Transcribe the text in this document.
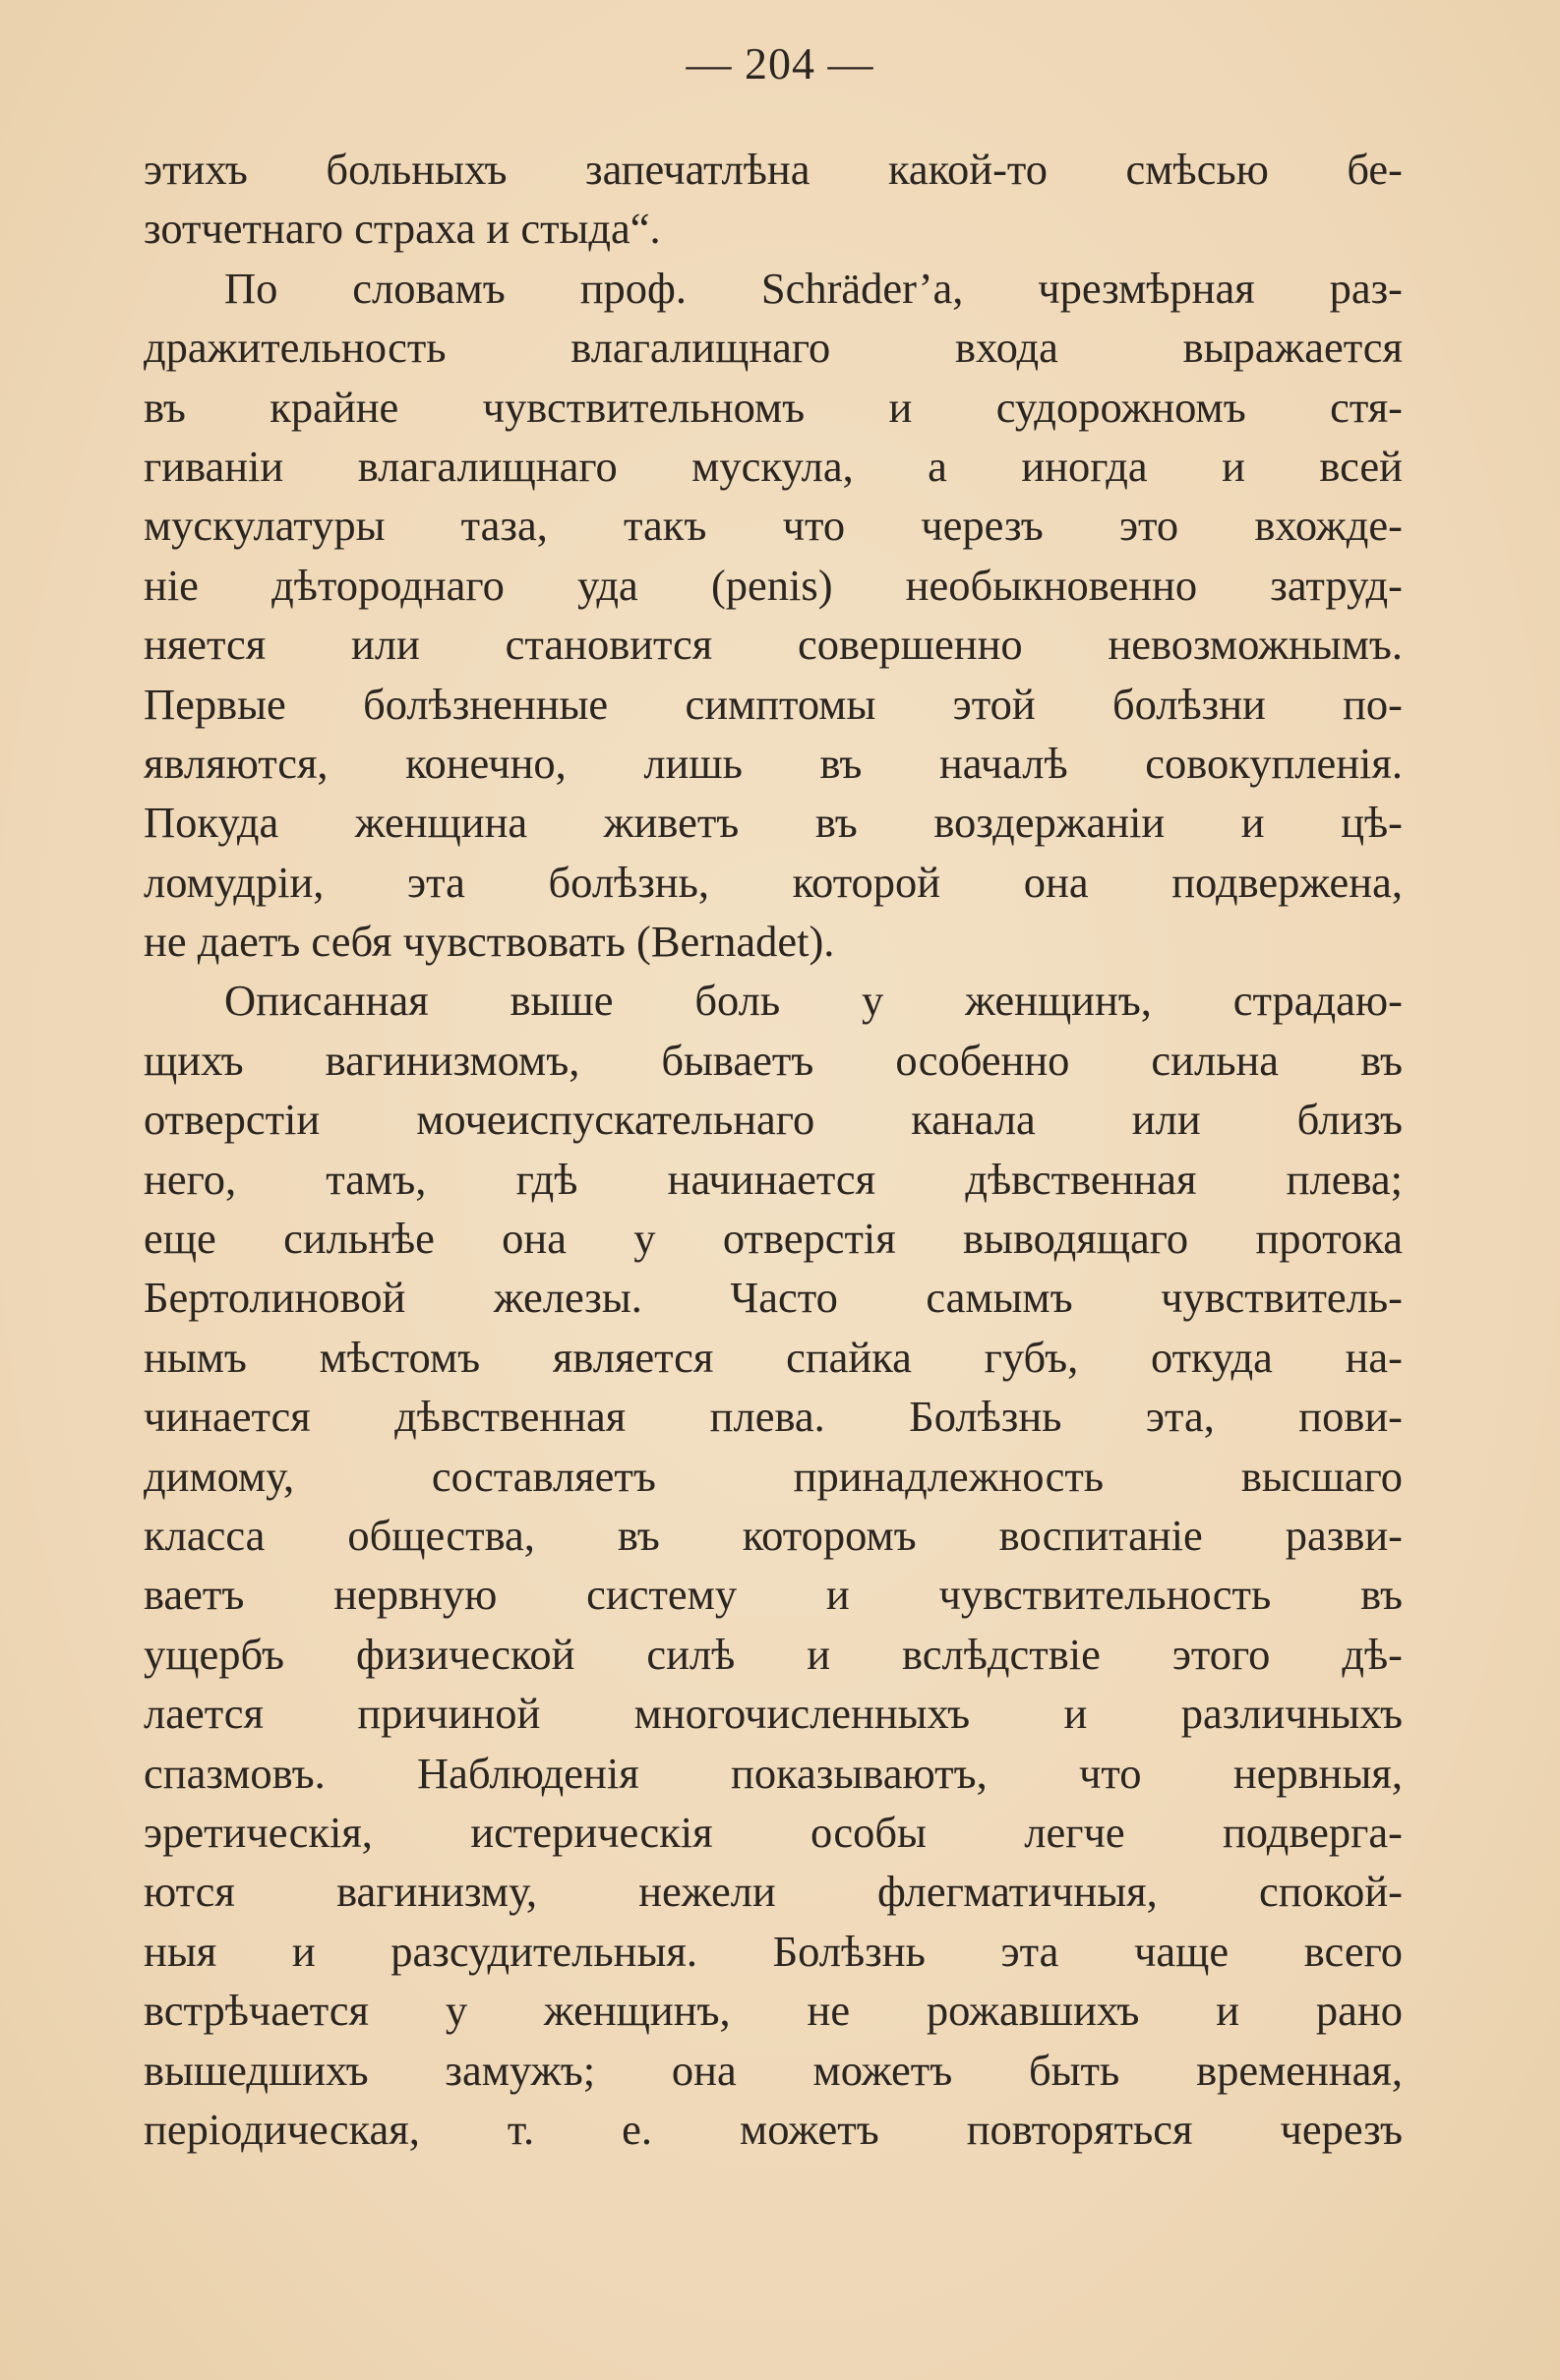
— 204 —
этихъ больныхъ запечатлѣна какой-то смѣсью бе-
зотчетнаго страха и стыда“.
По словамъ проф. Schräder’a, чрезмѣрная раз-
дражительность влагалищнаго входа выражается
въ крайне чувствительномъ и судорожномъ стя-
гиваніи влагалищнаго мускула, а иногда и всей
мускулатуры таза, такъ что черезъ это вхожде-
ніе дѣтороднаго уда (penis) необыкновенно затруд-
няется или становится совершенно невозможнымъ.
Первые болѣзненные симптомы этой болѣзни по-
являются, конечно, лишь въ началѣ совокупленія.
Покуда женщина живетъ въ воздержаніи и цѣ-
ломудріи, эта болѣзнь, которой она подвержена,
не даетъ себя чувствовать (Bernadet).
Описанная выше боль у женщинъ, страдаю-
щихъ вагинизмомъ, бываетъ особенно сильна въ
отверстіи мочеиспускательнаго канала или близъ
него, тамъ, гдѣ начинается дѣвственная плева;
еще сильнѣе она у отверстія выводящаго протока
Бертолиновой железы. Часто самымъ чувствитель-
нымъ мѣстомъ является спайка губъ, откуда на-
чинается дѣвственная плева. Болѣзнь эта, пови-
димому, составляетъ принадлежность высшаго
класса общества, въ которомъ воспитаніе разви-
ваетъ нервную систему и чувствительность въ
ущербъ физической силѣ и вслѣдствіе этого дѣ-
лается причиной многочисленныхъ и различныхъ
спазмовъ. Наблюденія показываютъ, что нервныя,
эретическія, истерическія особы легче подверга-
ются вагинизму, нежели флегматичныя, спокой-
ныя и разсудительныя. Болѣзнь эта чаще всего
встрѣчается у женщинъ, не рожавшихъ и рано
вышедшихъ замужъ; она можетъ быть временная,
періодическая, т. е. можетъ повторяться черезъ
